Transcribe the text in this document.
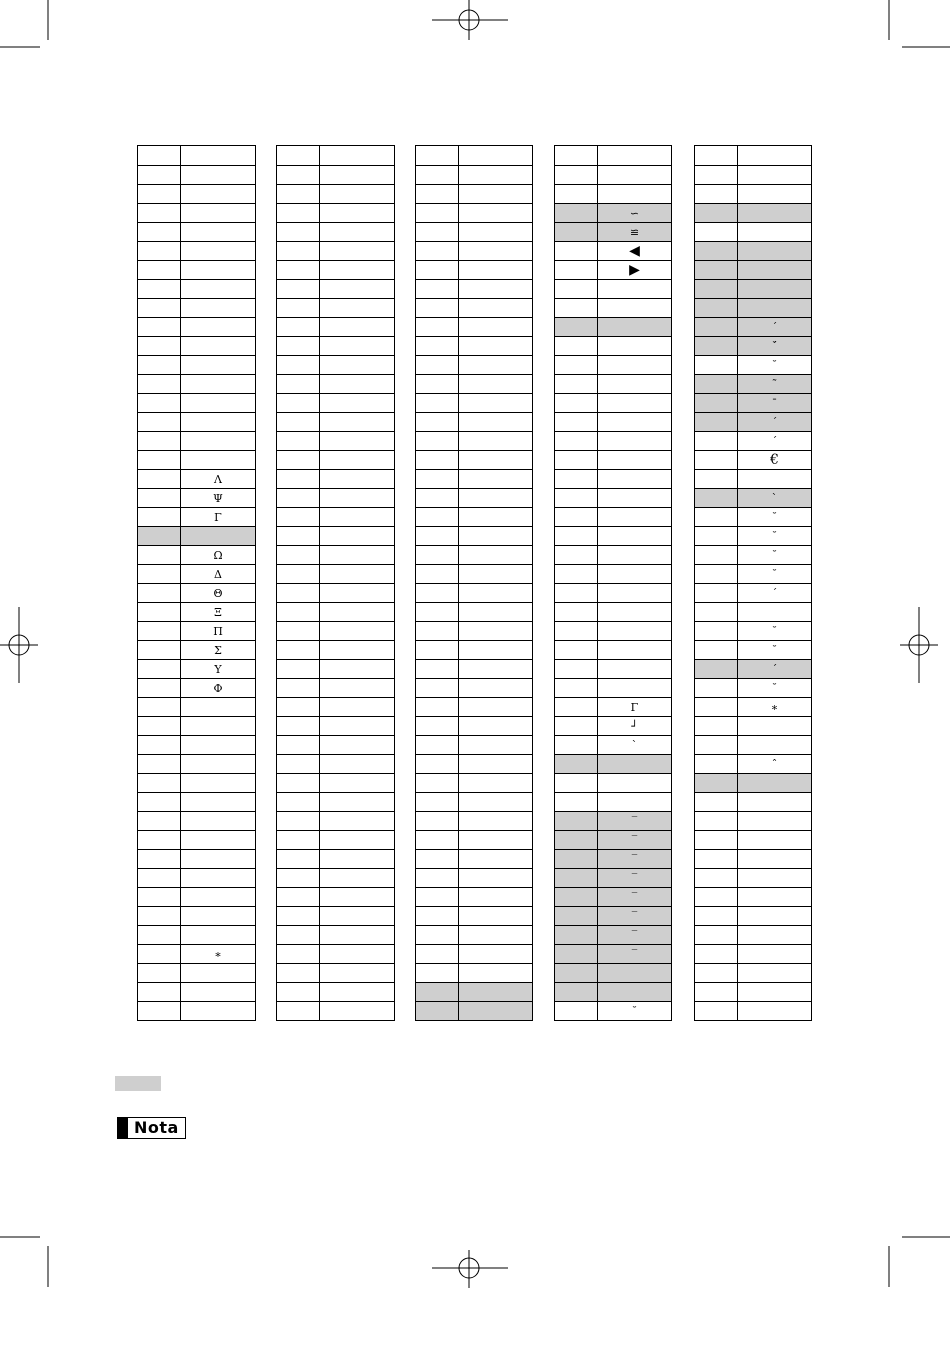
Λ
Ψ
Γ
Ω
Δ
Θ
Ξ
Π
Σ
Υ
Φ
∗
∽
≌
◀
▶
Γ
┘
ˋ
‾
‾
‾
‾
‾
‾
‾
‾
˘
ˊ
ˊ̆
˘
˜
¯
ˊ
ˊ
€
ˋ
˘
˘
˘
˘
ˊ
˘
˘
ˊ
˘
∗
ˆ
Nota
